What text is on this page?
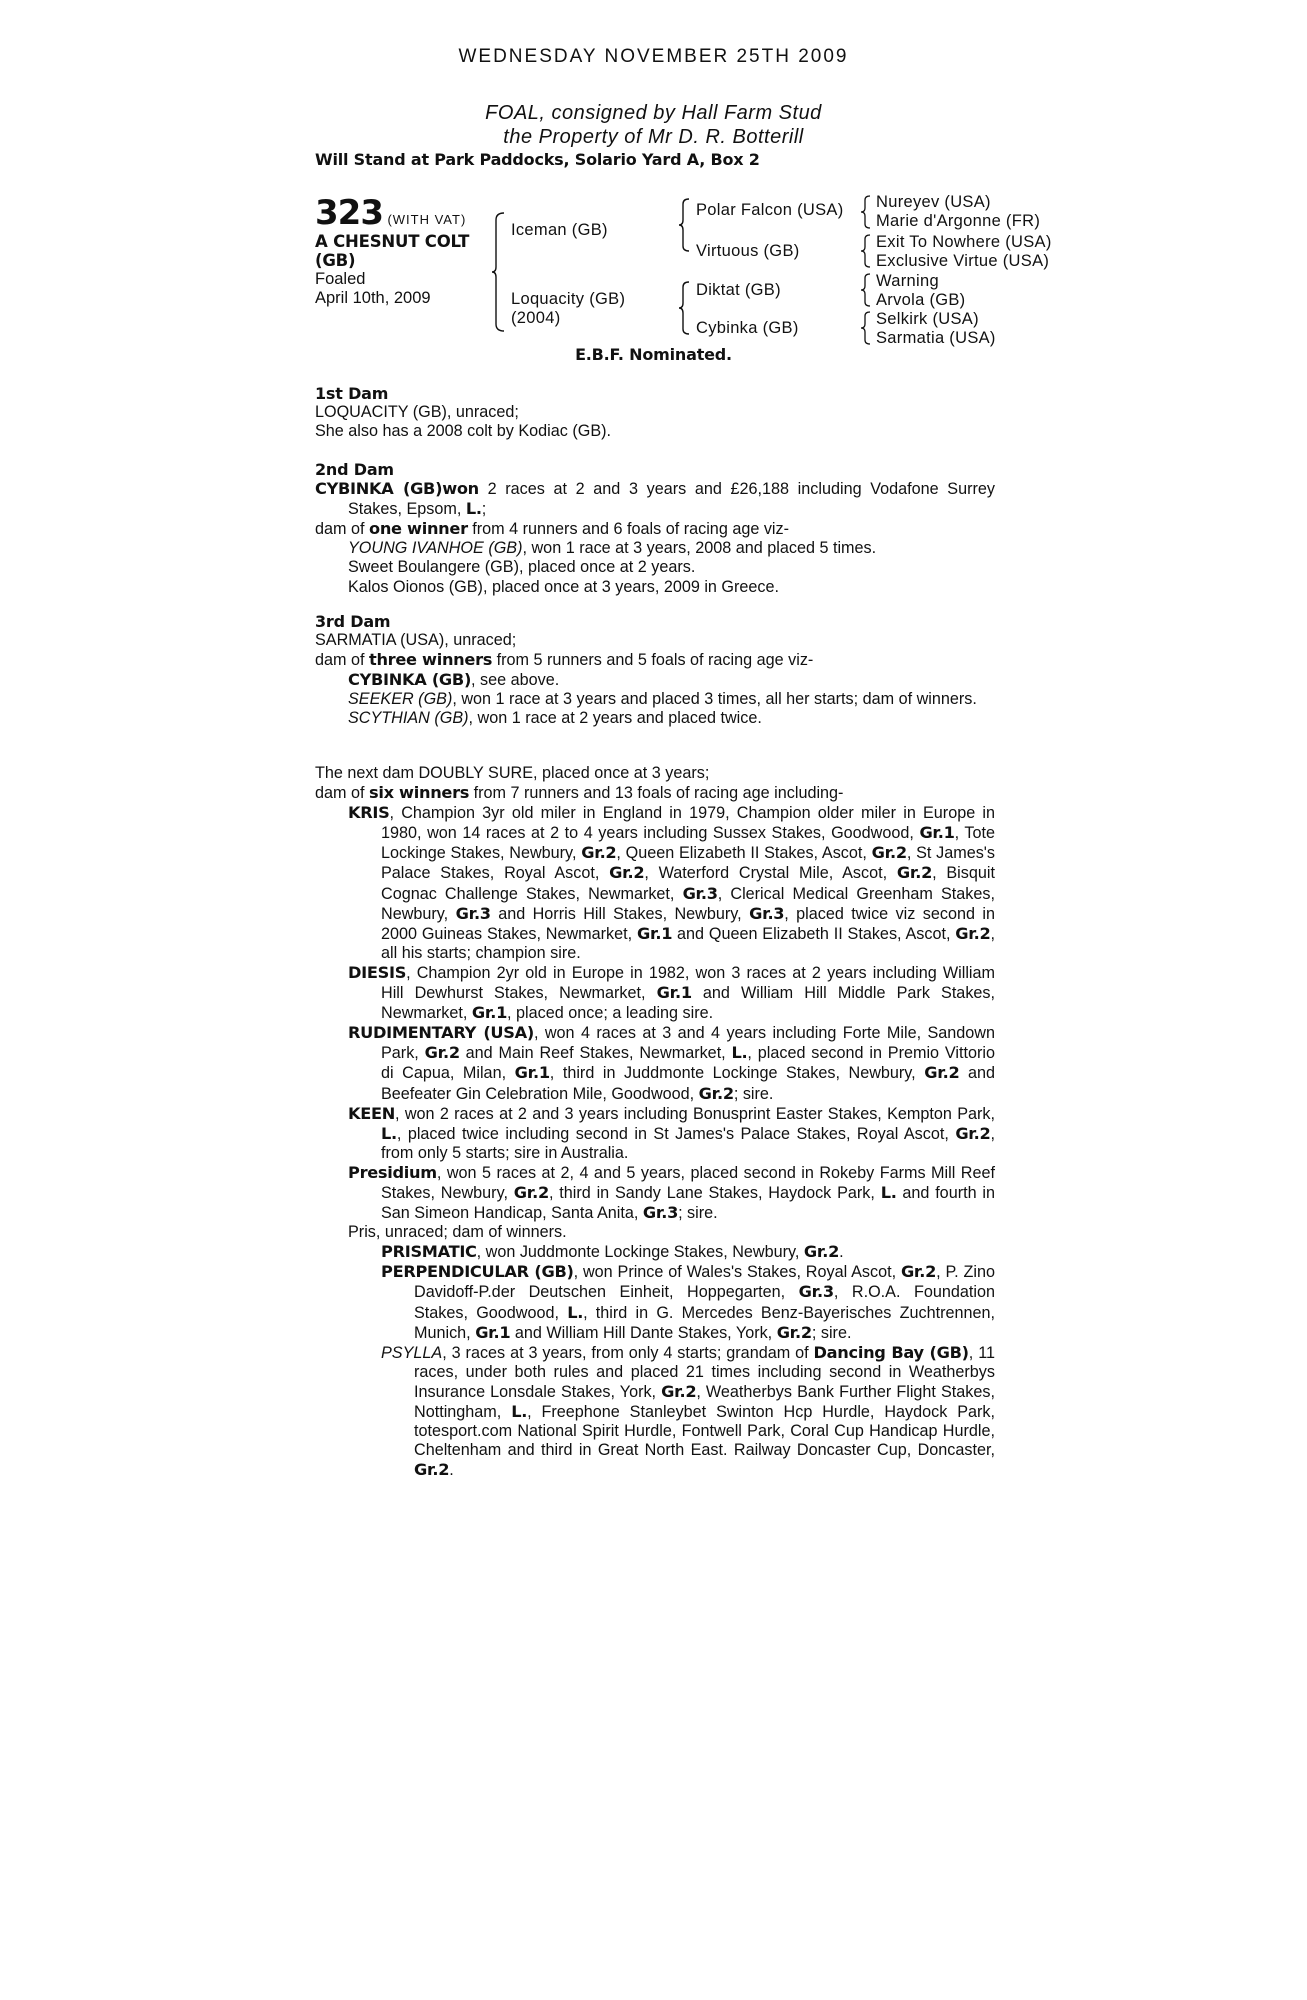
WEDNESDAY NOVEMBER 25TH 2009
FOAL, consigned by Hall Farm Stud
the Property of Mr D. R. Botterill
Will Stand at Park Paddocks, Solario Yard A, Box 2
323 (WITH VAT)
A CHESNUT COLT
(GB)
Foaled
April 10th, 2009
Iceman (GB)
Loquacity (GB)
(2004)
Polar Falcon (USA)
Virtuous (GB)
Diktat (GB)
Cybinka (GB)
Nureyev (USA)
Marie d'Argonne (FR)
Exit To Nowhere (USA)
Exclusive Virtue (USA)
Warning
Arvola (GB)
Selkirk (USA)
Sarmatia (USA)
E.B.F. Nominated.

1st Dam

LOQUACITY (GB), unraced;

She also has a 2008 colt by Kodiac (GB).

2nd Dam

CYBINKA (GB)won 2 races at 2 and 3 years and £26,188 including Vodafone Surrey Stakes, Epsom, L.;

dam of one winner from 4 runners and 6 foals of racing age viz-

YOUNG IVANHOE (GB), won 1 race at 3 years, 2008 and placed 5 times.

Sweet Boulangere (GB), placed once at 2 years.

Kalos Oionos (GB), placed once at 3 years, 2009 in Greece.

3rd Dam

SARMATIA (USA), unraced;

dam of three winners from 5 runners and 5 foals of racing age viz-

CYBINKA (GB), see above.

SEEKER (GB), won 1 race at 3 years and placed 3 times, all her starts; dam of winners.

SCYTHIAN (GB), won 1 race at 2 years and placed twice.

The next dam DOUBLY SURE, placed once at 3 years;

dam of six winners from 7 runners and 13 foals of racing age including-

KRIS, Champion 3yr old miler in England in 1979, Champion older miler in Europe in 1980, won 14 races at 2 to 4 years including Sussex Stakes, Goodwood, Gr.1, Tote Lockinge Stakes, Newbury, Gr.2, Queen Elizabeth II Stakes, Ascot, Gr.2, St James's Palace Stakes, Royal Ascot, Gr.2, Waterford Crystal Mile, Ascot, Gr.2, Bisquit Cognac Challenge Stakes, Newmarket, Gr.3, Clerical Medical Greenham Stakes, Newbury, Gr.3 and Horris Hill Stakes, Newbury, Gr.3, placed twice viz second in 2000 Guineas Stakes, Newmarket, Gr.1 and Queen Elizabeth II Stakes, Ascot, Gr.2, all his starts; champion sire.

DIESIS, Champion 2yr old in Europe in 1982, won 3 races at 2 years including William Hill Dewhurst Stakes, Newmarket, Gr.1 and William Hill Middle Park Stakes, Newmarket, Gr.1, placed once; a leading sire.

RUDIMENTARY (USA), won 4 races at 3 and 4 years including Forte Mile, Sandown Park, Gr.2 and Main Reef Stakes, Newmarket, L., placed second in Premio Vittorio di Capua, Milan, Gr.1, third in Juddmonte Lockinge Stakes, Newbury, Gr.2 and Beefeater Gin Celebration Mile, Goodwood, Gr.2; sire.

KEEN, won 2 races at 2 and 3 years including Bonusprint Easter Stakes, Kempton Park, L., placed twice including second in St James's Palace Stakes, Royal Ascot, Gr.2, from only 5 starts; sire in Australia.

Presidium, won 5 races at 2, 4 and 5 years, placed second in Rokeby Farms Mill Reef Stakes, Newbury, Gr.2, third in Sandy Lane Stakes, Haydock Park, L. and fourth in San Simeon Handicap, Santa Anita, Gr.3; sire.

Pris, unraced; dam of winners.

PRISMATIC, won Juddmonte Lockinge Stakes, Newbury, Gr.2.

PERPENDICULAR (GB), won Prince of Wales's Stakes, Royal Ascot, Gr.2, P. Zino Davidoff-P.der Deutschen Einheit, Hoppegarten, Gr.3, R.O.A. Foundation Stakes, Goodwood, L., third in G. Mercedes Benz-Bayerisches Zuchtrennen, Munich, Gr.1 and William Hill Dante Stakes, York, Gr.2; sire.

PSYLLA, 3 races at 3 years, from only 4 starts; grandam of Dancing Bay (GB), 11 races, under both rules and placed 21 times including second in Weatherbys Insurance Lonsdale Stakes, York, Gr.2, Weatherbys Bank Further Flight Stakes, Nottingham, L., Freephone Stanleybet Swinton Hcp Hurdle, Haydock Park, totesport.com National Spirit Hurdle, Fontwell Park, Coral Cup Handicap Hurdle, Cheltenham and third in Great North East. Railway Doncaster Cup, Doncaster, Gr.2.
